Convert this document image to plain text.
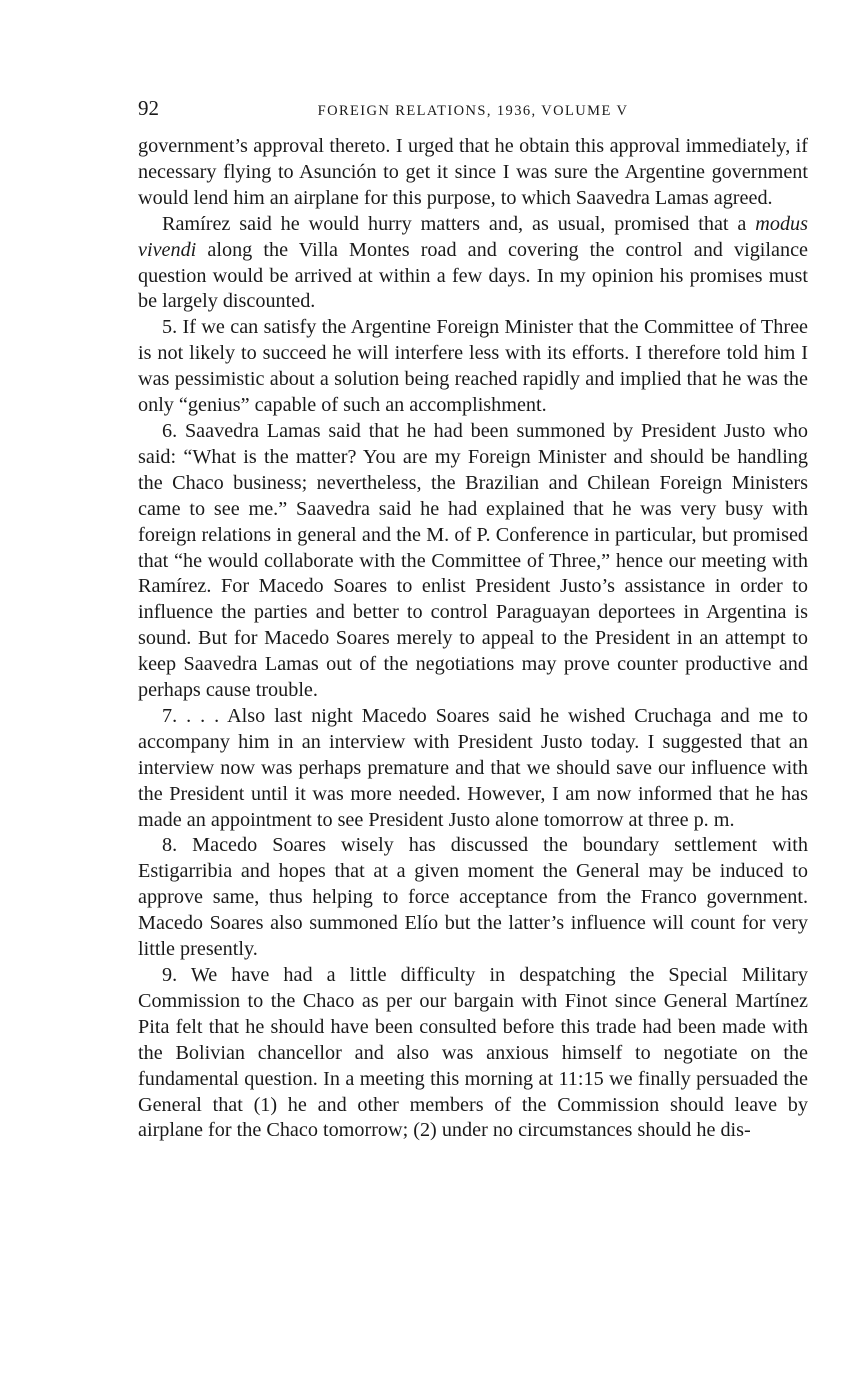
92	FOREIGN RELATIONS, 1936, VOLUME V

government’s approval thereto. I urged that he obtain this approval immediately, if necessary flying to Asunción to get it since I was sure the Argentine government would lend him an airplane for this purpose, to which Saavedra Lamas agreed.

Ramírez said he would hurry matters and, as usual, promised that a modus vivendi along the Villa Montes road and covering the control and vigilance question would be arrived at within a few days. In my opinion his promises must be largely discounted.

5. If we can satisfy the Argentine Foreign Minister that the Committee of Three is not likely to succeed he will interfere less with its efforts. I therefore told him I was pessimistic about a solution being reached rapidly and implied that he was the only “genius” capable of such an accomplishment.

6. Saavedra Lamas said that he had been summoned by President Justo who said: “What is the matter? You are my Foreign Minister and should be handling the Chaco business; nevertheless, the Brazilian and Chilean Foreign Ministers came to see me.” Saavedra said he had explained that he was very busy with foreign relations in general and the M. of P. Conference in particular, but promised that “he would collaborate with the Committee of Three,” hence our meeting with Ramírez. For Macedo Soares to enlist President Justo’s assistance in order to influence the parties and better to control Paraguayan deportees in Argentina is sound. But for Macedo Soares merely to appeal to the President in an attempt to keep Saavedra Lamas out of the negotiations may prove counter productive and perhaps cause trouble.

7. . . . Also last night Macedo Soares said he wished Cruchaga and me to accompany him in an interview with President Justo today. I suggested that an interview now was perhaps premature and that we should save our influence with the President until it was more needed. However, I am now informed that he has made an appointment to see President Justo alone tomorrow at three p. m.

8. Macedo Soares wisely has discussed the boundary settlement with Estigarribia and hopes that at a given moment the General may be induced to approve same, thus helping to force acceptance from the Franco government. Macedo Soares also summoned Elío but the latter’s influence will count for very little presently.

9. We have had a little difficulty in despatching the Special Military Commission to the Chaco as per our bargain with Finot since General Martínez Pita felt that he should have been consulted before this trade had been made with the Bolivian chancellor and also was anxious himself to negotiate on the fundamental question. In a meeting this morning at 11:15 we finally persuaded the General that (1) he and other members of the Commission should leave by airplane for the Chaco tomorrow; (2) under no circumstances should he dis-
